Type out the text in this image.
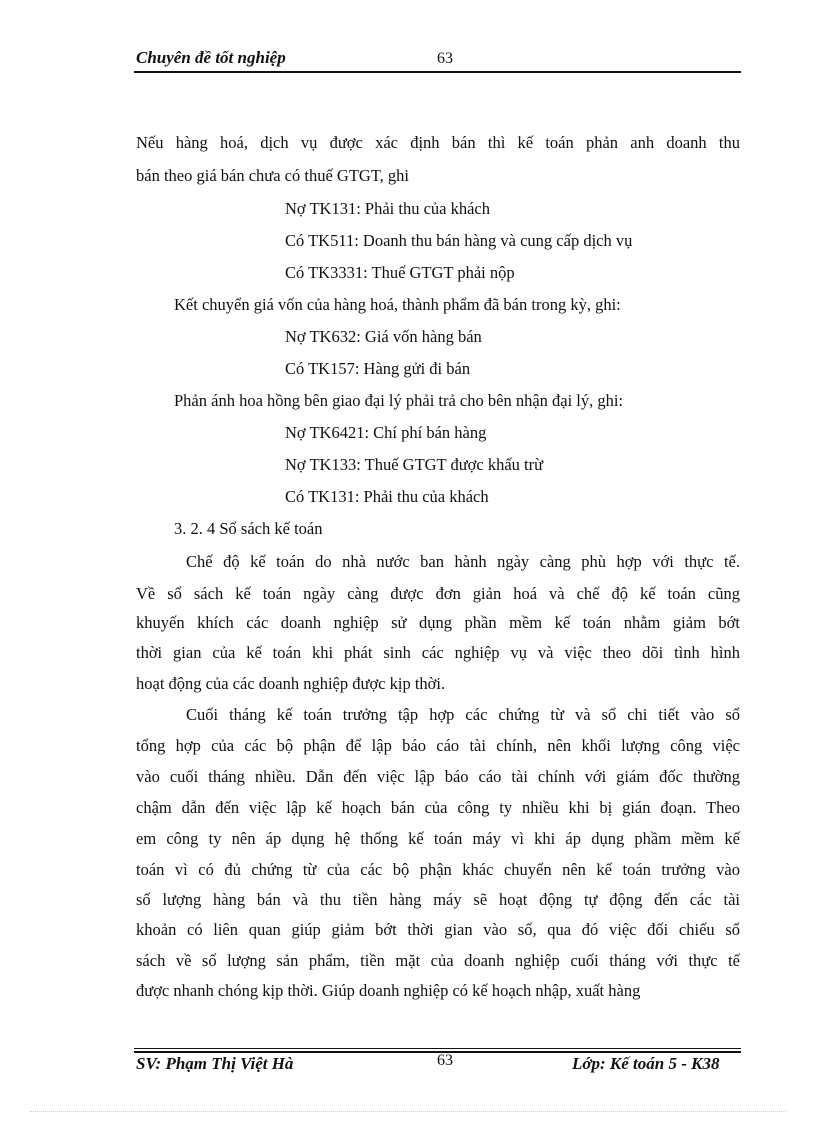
Chuyên đề tốt nghiệp	63
Nếu hàng hoá, dịch vụ được xác định bán thì kế toán phản anh doanh thu
bán theo giá bán chưa có thuế GTGT, ghi
Nợ TK131: Phải thu của khách
Có TK511: Doanh thu bán hàng và cung cấp dịch vụ
Có TK3331: Thuế GTGT phải nộp
Kết chuyển giá vốn của hàng hoá, thành phẩm đã bán trong kỳ, ghi:
Nợ TK632: Giá vốn hàng bán
Có TK157: Hàng gửi đi bán
Phản ánh hoa hồng bên giao đại lý phải trả cho bên nhận đại lý, ghi:
Nợ TK6421: Chí phí bán hàng
Nợ TK133: Thuế GTGT được khấu trừ
Có TK131: Phải thu của khách
3. 2. 4 Sổ sách kế toán
Chế độ kế toán do nhà nước ban hành ngày càng phù hợp với thực tế.
Về sổ sách kế toán ngày càng được đơn giản hoá và chế độ kế toán cũng
khuyến khích các doanh nghiệp sử dụng phần mềm kế toán nhằm giảm bớt
thời gian của kế toán khi phát sinh các nghiệp vụ và việc theo dõi tình hình
hoạt động của các doanh nghiệp được kịp thời.
Cuối tháng kế toán trưởng tập hợp các chứng từ và sổ chi tiết vào sổ
tổng hợp của các bộ phận để lập báo cáo tài chính, nên khối lượng công việc
vào cuối tháng nhiều. Dẫn đến việc lập báo cáo tài chính với giám đốc thường
chậm dẫn đến việc lập kế hoạch bán của công ty nhiều khi bị gián đoạn. Theo
em công ty nên áp dụng hệ thống kế toán máy vì khi áp dụng phầm mềm kế
toán vì có đủ chứng từ của các bộ phận khác chuyển nên kế toán trưởng vào
số lượng hàng bán và thu tiền hàng máy sẽ hoạt động tự động đến các tài
khoản có liên quan giúp giảm bớt thời gian vào sổ, qua đó việc đối chiếu sổ
sách về số lượng sản phẩm, tiền mặt của doanh nghiệp cuối tháng với thực tế
được nhanh chóng kịp thời. Giúp doanh nghiệp có kế hoạch nhập, xuất hàng
SV: Phạm Thị Việt Hà	63	Lớp: Kế toán 5 - K38
